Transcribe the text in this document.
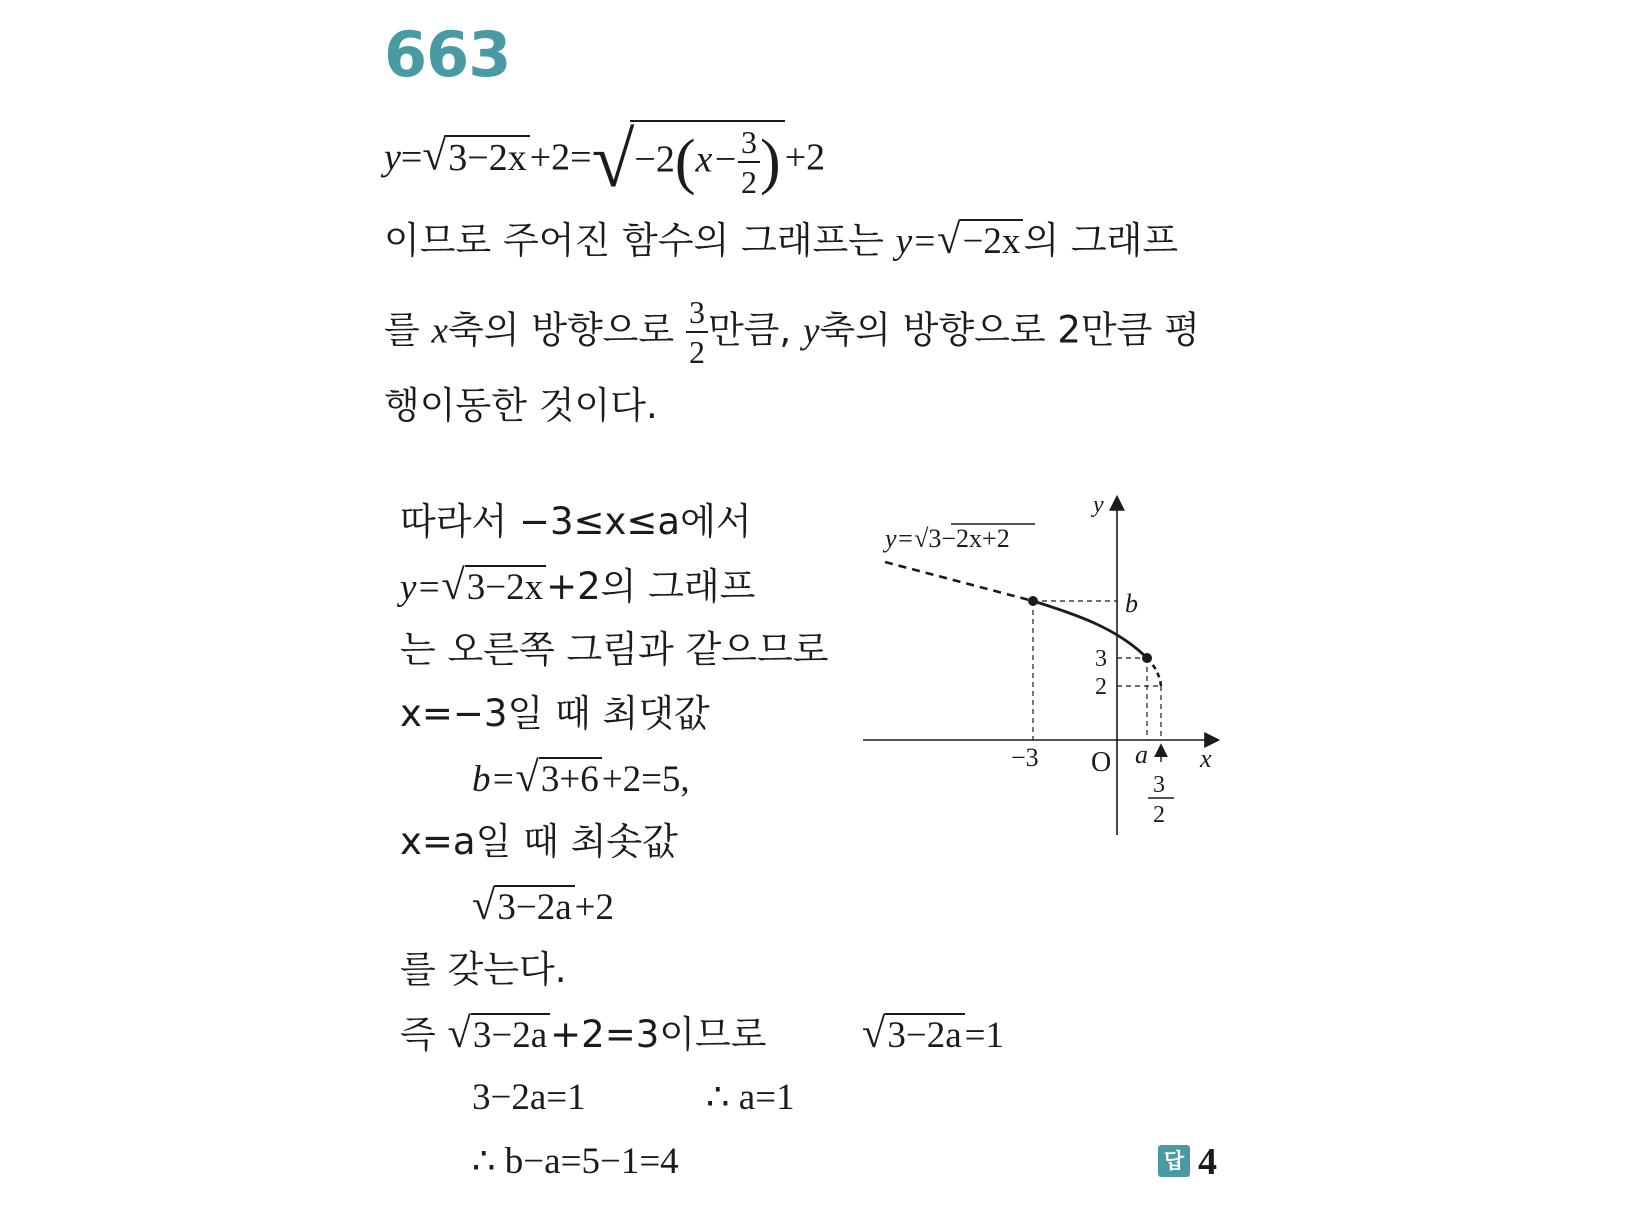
663
$y=√3-2x+2=√-2(x- \frac{3}{2}$ ) +2
이므로 주어진 함수의 그래프는 y=√−2x의 그래프
를 x축의 방향으로 $\frac{3}{2}$ 만큼, y축의 방향으로 2만큼 평
행이동한 것이다.
따라서 −3≤x≤a에서
y=√3−2x+2의 그래프
는 오른쪽 그림과 같으므로
x=−3일 때 최댓값
b=√3+6+2=5,
x=a일 때 최솟값
√3−2a+2
를 갖는다.
즉 √3−2a+2=3이므로 √3−2a=1
3−2a=1	∴ a=1
∴ b−a=5−1=4	답 4
y=√3−2x+2
y
x
O
−3	a
3
2
b
3
2
